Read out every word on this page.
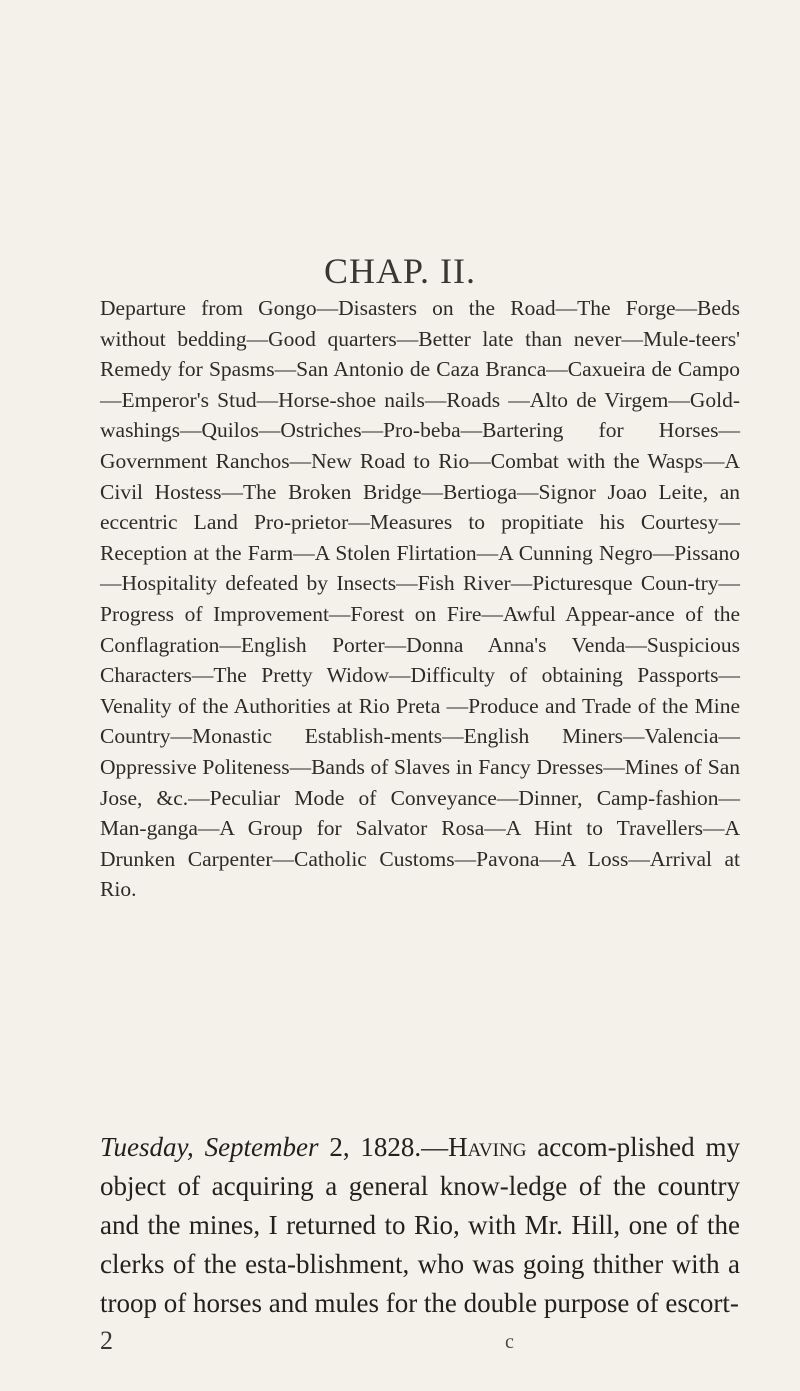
CHAP. II.
Departure from Gongo—Disasters on the Road—The Forge—Beds without bedding—Good quarters—Better late than never—Mule-teers' Remedy for Spasms—San Antonio de Caza Branca—Caxueira de Campo—Emperor's Stud—Horse-shoe nails—Roads —Alto de Virgem—Gold-washings—Quilos—Ostriches—Pro-beba—Bartering for Horses—Government Ranchos—New Road to Rio—Combat with the Wasps—A Civil Hostess—The Broken Bridge—Bertioga—Signor Joao Leite, an eccentric Land Pro-prietor—Measures to propitiate his Courtesy—Reception at the Farm—A Stolen Flirtation—A Cunning Negro—Pissano—Hospitality defeated by Insects—Fish River—Picturesque Coun-try—Progress of Improvement—Forest on Fire—Awful Appear-ance of the Conflagration—English Porter—Donna Anna's Venda—Suspicious Characters—The Pretty Widow—Difficulty of obtaining Passports—Venality of the Authorities at Rio Preta —Produce and Trade of the Mine Country—Monastic Establish-ments—English Miners—Valencia—Oppressive Politeness—Bands of Slaves in Fancy Dresses—Mines of San Jose, &c.—Peculiar Mode of Conveyance—Dinner, Camp-fashion—Man-ganga—A Group for Salvator Rosa—A Hint to Travellers—A Drunken Carpenter—Catholic Customs—Pavona—A Loss—Arrival at Rio.
Tuesday, September 2, 1828.—Having accom-plished my object of acquiring a general know-ledge of the country and the mines, I returned to Rio, with Mr. Hill, one of the clerks of the esta-blishment, who was going thither with a troop of horses and mules for the double purpose of escort-
2	c
